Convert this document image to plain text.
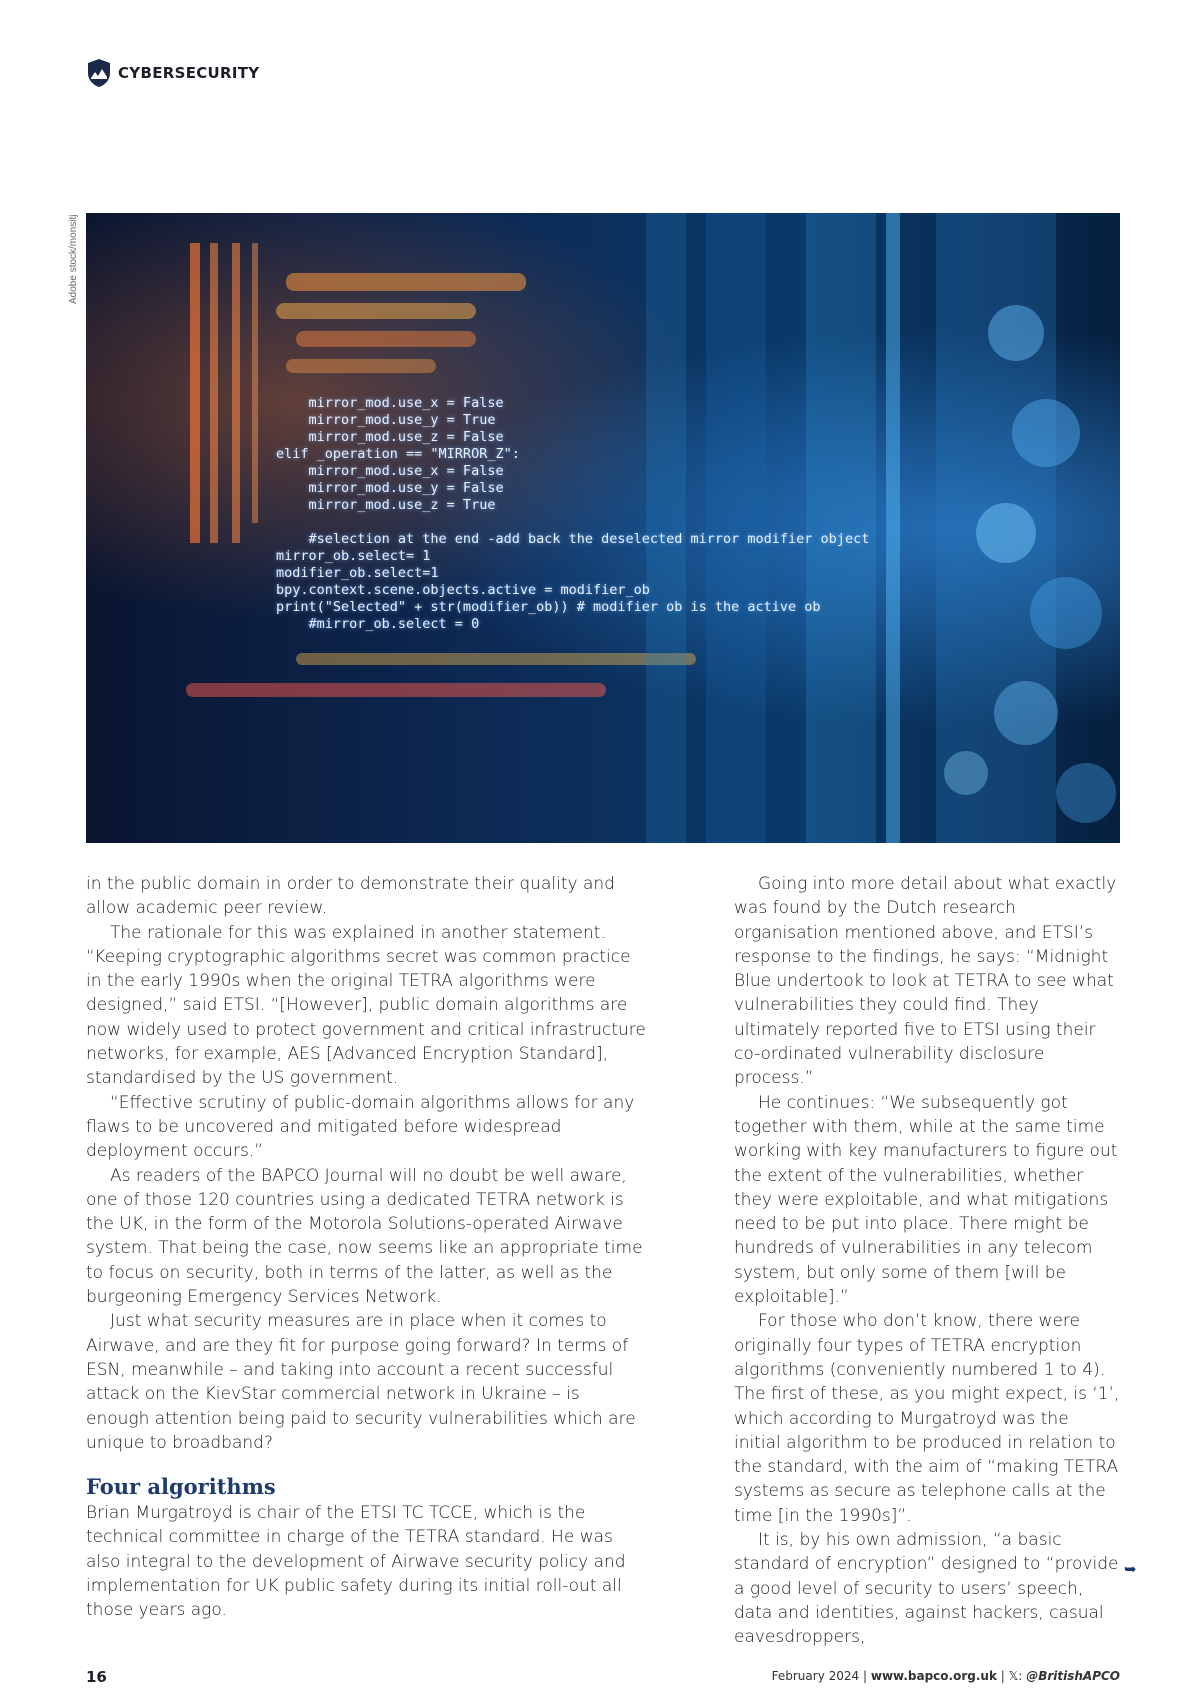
CYBERSECURITY
Adobe stock/monsitj
mirror_mod.use_x = False
mirror_mod.use_y = True
mirror_mod.use_z = False
elif _operation == "MIRROR_Z":
mirror_mod.use_x = False
mirror_mod.use_y = False
mirror_mod.use_z = True

#selection at the end -add back the deselected mirror modifier object
mirror_ob.select= 1
modifier_ob.select=1
bpy.context.scene.objects.active = modifier_ob
print("Selected" + str(modifier_ob)) # modifier ob is the active ob
#mirror_ob.select = 0

in the public domain in order to demonstrate their quality and allow academic peer review.

The rationale for this was explained in another statement. “Keeping cryptographic algorithms secret was common practice in the early 1990s when the original TETRA algorithms were designed,” said ETSI. “[However], public domain algorithms are now widely used to protect government and critical infrastructure networks, for example, AES [Advanced Encryption Standard], standardised by the US government.

“Effective scrutiny of public-domain algorithms allows for any flaws to be uncovered and mitigated before widespread deployment occurs.”

As readers of the BAPCO Journal will no doubt be well aware, one of those 120 countries using a dedicated TETRA network is the UK, in the form of the Motorola Solutions-operated Airwave system. That being the case, now seems like an appropriate time to focus on security, both in terms of the latter, as well as the burgeoning Emergency Services Network.

Just what security measures are in place when it comes to Airwave, and are they fit for purpose going forward? In terms of ESN, meanwhile – and taking into account a recent successful attack on the KievStar commercial network in Ukraine – is enough attention being paid to security vulnerabilities which are unique to broadband?

Four algorithms

Brian Murgatroyd is chair of the ETSI TC TCCE, which is the technical committee in charge of the TETRA standard. He was also integral to the development of Airwave security policy and implementation for UK public safety during its initial roll-out all those years ago.

Going into more detail about what exactly was found by the Dutch research organisation mentioned above, and ETSI’s response to the findings, he says: “Midnight Blue undertook to look at TETRA to see what vulnerabilities they could find. They ultimately reported five to ETSI using their co-ordinated vulnerability disclosure process.”

He continues: “We subsequently got together with them, while at the same time working with key manufacturers to figure out the extent of the vulnerabilities, whether they were exploitable, and what mitigations need to be put into place. There might be hundreds of vulnerabilities in any telecom system, but only some of them [will be exploitable].”

For those who don’t know, there were originally four types of TETRA encryption algorithms (conveniently numbered 1 to 4). The first of these, as you might expect, is ‘1’, which according to Murgatroyd was the initial algorithm to be produced in relation to the standard, with the aim of “making TETRA systems as secure as telephone calls at the time [in the 1990s]”.

It is, by his own admission, “a basic standard of encryption” designed to “provide a good level of security to users’ speech, data and identities, against hackers, casual eavesdroppers,

➥
16	February 2024 | www.bapco.org.uk | 𝕏: @BritishAPCO
